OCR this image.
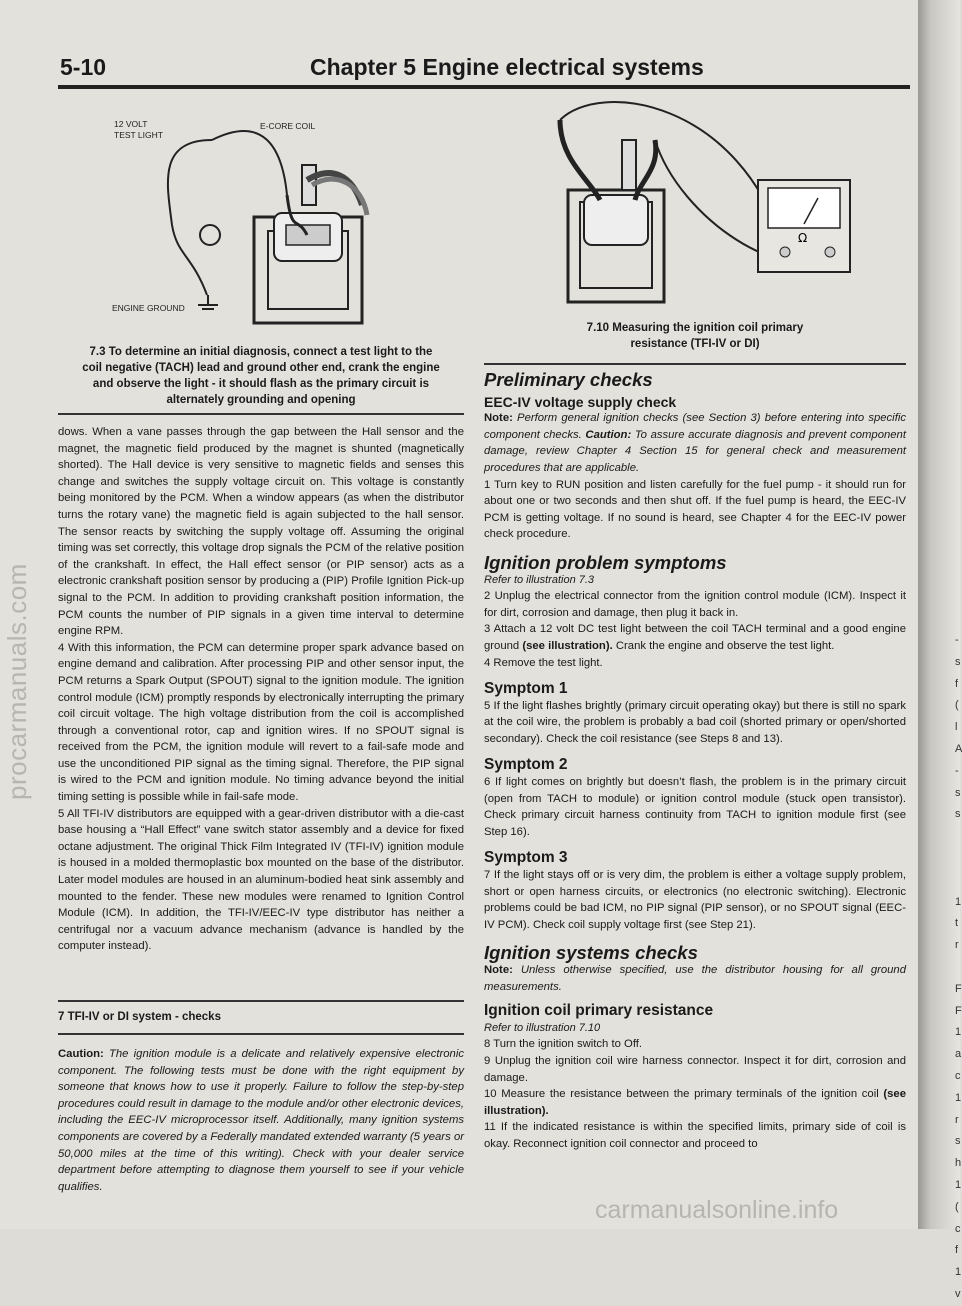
-
s
f
(
l
A
-
s
s
1
t
r
F
F
1
a
c
1
r
s
h
1
(
c
f
1
v
procarmanuals.com
carmanualsonline.info
5-10	Chapter 5 Engine electrical systems
12 VOLT
TEST LIGHT
E-CORE COIL
ENGINE GROUND
7.3 To determine an initial diagnosis, connect a test light to the
coil negative (TACH) lead and ground other end, crank the engine
and observe the light - it should flash as the primary circuit is
alternately grounding and opening

dows. When a vane passes through the gap between the Hall sensor and the magnet, the magnetic field produced by the magnet is shunted (magnetically shorted). The Hall device is very sensitive to magnetic fields and senses this change and switches the supply voltage circuit on. This voltage is constantly being monitored by the PCM. When a window appears (as when the distributor turns the rotary vane) the magnetic field is again subjected to the hall sensor. The sensor reacts by switching the supply voltage off. Assuming the original timing was set correctly, this voltage drop signals the PCM of the relative position of the crankshaft. In effect, the Hall effect sensor (or PIP sensor) acts as a electronic crankshaft position sensor by producing a (PIP) Profile Ignition Pick-up signal to the PCM. In addition to providing crankshaft position information, the PCM counts the number of PIP signals in a given time interval to determine engine RPM.

4 With this information, the PCM can determine proper spark advance based on engine demand and calibration. After processing PIP and other sensor input, the PCM returns a Spark Output (SPOUT) signal to the ignition module. The ignition control module (ICM) promptly responds by electronically interrupting the primary coil circuit voltage. The high voltage distribution from the coil is accomplished through a conventional rotor, cap and ignition wires. If no SPOUT signal is received from the PCM, the ignition module will revert to a fail-safe mode and use the unconditioned PIP signal as the timing signal. Therefore, the PIP signal is wired to the PCM and ignition module. No timing advance beyond the initial timing setting is possible while in fail-safe mode.

5 All TFI-IV distributors are equipped with a gear-driven distributor with a die-cast base housing a “Hall Effect” vane switch stator assembly and a device for fixed octane adjustment. The original Thick Film Integrated IV (TFI-IV) ignition module is housed in a molded thermoplastic box mounted on the base of the distributor. Later model modules are housed in an aluminum-bodied heat sink assembly and mounted to the fender. These new modules were renamed to Ignition Control Module (ICM). In addition, the TFI-IV/EEC-IV type distributor has neither a centrifugal nor a vacuum advance mechanism (advance is handled by the computer instead).

7 TFI-IV or DI system - checks

Caution: The ignition module is a delicate and relatively expensive electronic component. The following tests must be done with the right equipment by someone that knows how to use it properly. Failure to follow the step-by-step procedures could result in damage to the module and/or other electronic devices, including the EEC-IV microprocessor itself. Additionally, many ignition systems components are covered by a Federally mandated extended warranty (5 years or 50,000 miles at the time of this writing). Check with your dealer service department before attempting to diagnose them yourself to see if your vehicle qualifies.

Ω
7.10 Measuring the ignition coil primary
resistance (TFI-IV or DI)
Preliminary checks
EEC-IV voltage supply check

Note: Perform general ignition checks (see Section 3) before entering into specific component checks. Caution: To assure accurate diagnosis and prevent component damage, review Chapter 4 Section 15 for general check and measurement procedures that are applicable.

1 Turn key to RUN position and listen carefully for the fuel pump - it should run for about one or two seconds and then shut off. If the fuel pump is heard, the EEC-IV PCM is getting voltage. If no sound is heard, see Chapter 4 for the EEC-IV power check procedure.

Ignition problem symptoms
Refer to illustration 7.3

2 Unplug the electrical connector from the ignition control module (ICM). Inspect it for dirt, corrosion and damage, then plug it back in.

3 Attach a 12 volt DC test light between the coil TACH terminal and a good engine ground (see illustration). Crank the engine and observe the test light.

4 Remove the test light.

Symptom 1

5 If the light flashes brightly (primary circuit operating okay) but there is still no spark at the coil wire, the problem is probably a bad coil (shorted primary or open/shorted secondary). Check the coil resistance (see Steps 8 and 13).

Symptom 2

6 If light comes on brightly but doesn’t flash, the problem is in the primary circuit (open from TACH to module) or ignition control module (stuck open transistor). Check primary circuit harness continuity from TACH to ignition module first (see Step 16).

Symptom 3

7 If the light stays off or is very dim, the problem is either a voltage supply problem, short or open harness circuits, or electronics (no electronic switching). Electronic problems could be bad ICM, no PIP signal (PIP sensor), or no SPOUT signal (EEC-IV PCM). Check coil supply voltage first (see Step 21).

Ignition systems checks

Note: Unless otherwise specified, use the distributor housing for all ground measurements.

Ignition coil primary resistance
Refer to illustration 7.10

8 Turn the ignition switch to Off.

9 Unplug the ignition coil wire harness connector. Inspect it for dirt, corrosion and damage.

10 Measure the resistance between the primary terminals of the ignition coil (see illustration).

11 If the indicated resistance is within the specified limits, primary side of coil is okay. Reconnect ignition coil connector and proceed to
